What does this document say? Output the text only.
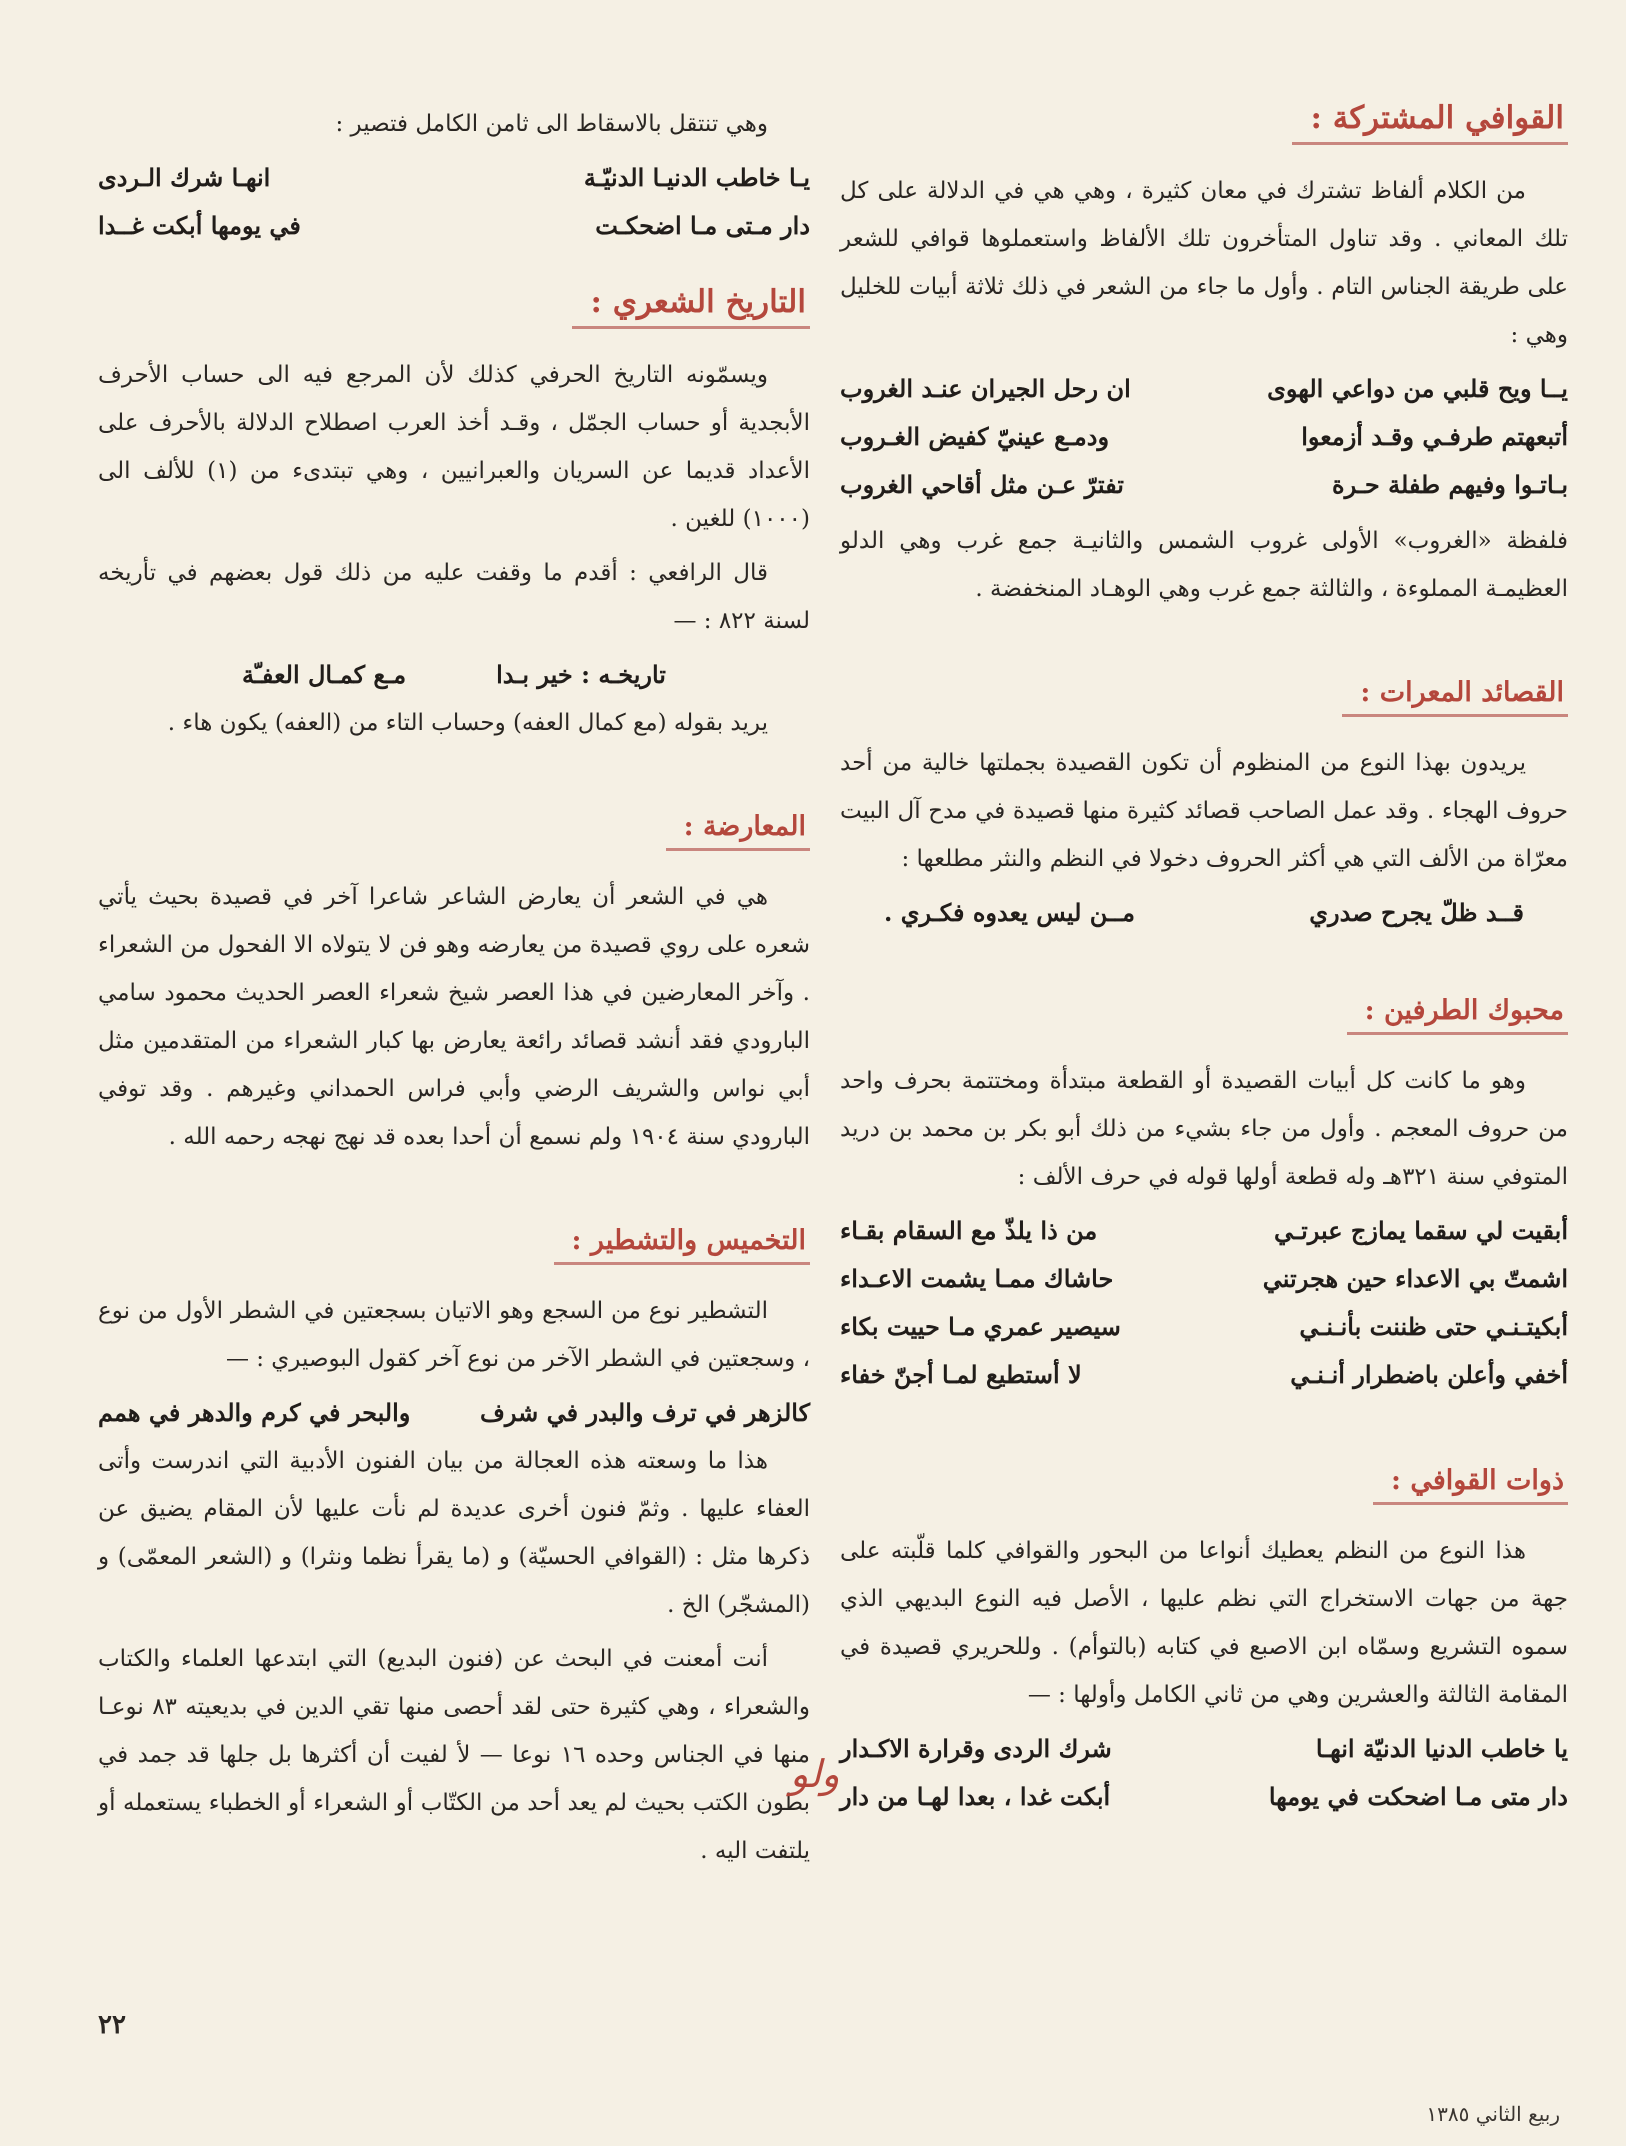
القوافي المشتركة :

من الكلام ألفاظ تشترك في معان كثيرة ، وهي هي في الدلالة على كل تلك المعاني . وقد تناول المتأخرون تلك الألفاظ واستعملوها قوافي للشعر على طريقة الجناس التام . وأول ما جاء من الشعر في ذلك ثلاثة أبيات للخليل وهي :

يــا ويح قلبي من دواعي الهوى
ان رحل الجيران عنـد الغروب
أتبعهتم طرفـي وقـد أزمعوا
ودمـع عينيّ كفيض الغـروب
بـاتـوا وفيهم طفلة حـرة
تفترّ عـن مثل أقاحي الغروب

فلفظة «الغروب» الأولى غروب الشمس والثانيـة جمع غرب وهي الدلو العظيمـة المملوءة ، والثالثة جمع غرب وهي الوهـاد المنخفضة .

القصائد المعرات :

يريدون بهذا النوع من المنظوم أن تكون القصيدة بجملتها خالية من أحد حروف الهجاء . وقد عمل الصاحب قصائد كثيرة منها قصيدة في مدح آل البيت معرّاة من الألف التي هي أكثر الحروف دخولا في النظم والنثر مطلعها :

قــد ظلّ يجرح صدري
مــن ليس يعدوه فكـري .
محبوك الطرفين :

وهو ما كانت كل أبيات القصيدة أو القطعة مبتدأة ومختتمة بحرف واحد من حروف المعجم . وأول من جاء بشيء من ذلك أبو بكر بن محمد بن دريد المتوفي سنة ٣٢١هـ وله قطعة أولها قوله في حرف الألف :

أبقيت لي سقما يمازج عبرتـي
من ذا يلذّ مع السقام بقـاء
اشمتّ بي الاعداء حين هجرتني
حاشاك ممـا يشمت الاعـداء
أبكيتـنـي حتى ظننت بأنـنـي
سيصير عمري مـا حييت بكاء
أخفي وأعلن باضطرار أنـنـي
لا أستطيع لمـا أجنّ خفاء
ذوات القوافي :

هذا النوع من النظم يعطيك أنواعا من البحور والقوافي كلما قلّبته على جهة من جهات الاستخراج التي نظم عليها ، الأصل فيه النوع البديهي الذي سموه التشريع وسمّاه ابن الاصبع في كتابه (بالتوأم) . وللحريري قصيدة في المقامة الثالثة والعشرين وهي من ثاني الكامل وأولها : —

يا خاطب الدنيا الدنيّة انهـا
شرك الردى وقرارة الاكـدار
دار متى مـا اضحكت في يومها
أبكت غدا ، بعدا لهـا من دار

وهي تنتقل بالاسقاط الى ثامن الكامل فتصير :

يـا خاطب الدنيـا الدنيّـة
انهـا شرك الـردى
دار مـتى مـا اضحكـت
في يومها أبكت غــدا
التاريخ الشعري :

ويسمّونه التاريخ الحرفي كذلك لأن المرجع فيه الى حساب الأحرف الأبجدية أو حساب الجمّل ، وقـد أخذ العرب اصطلاح الدلالة بالأحرف على الأعداد قديما عن السريان والعبرانيين ، وهي تبتدىء من (١) للألف الى (١٠٠٠) للغين .

قال الرافعي : أقدم ما وقفت عليه من ذلك قول بعضهم في تأريخه لسنة ٨٢٢ : —

تاريخـه : خير بـدا
مـع كمـال العفـّة

يريد بقوله (مع كمال العفه) وحساب التاء من (العفه) يكون هاء .

المعارضة :

هي في الشعر أن يعارض الشاعر شاعرا آخر في قصيدة بحيث يأتي شعره على روي قصيدة من يعارضه وهو فن لا يتولاه الا الفحول من الشعراء . وآخر المعارضين في هذا العصر شيخ شعراء العصر الحديث محمود سامي البارودي فقد أنشد قصائد رائعة يعارض بها كبار الشعراء من المتقدمين مثل أبي نواس والشريف الرضي وأبي فراس الحمداني وغيرهم . وقد توفي البارودي سنة ١٩٠٤ ولم نسمع أن أحدا بعده قد نهج نهجه رحمه الله .

التخميس والتشطير :

التشطير نوع من السجع وهو الاتيان بسجعتين في الشطر الأول من نوع ، وسجعتين في الشطر الآخر من نوع آخر كقول البوصيري : —

كالزهر في ترف والبدر في شرف
والبحر في كرم والدهر في همم

هذا ما وسعته هذه العجالة من بيان الفنون الأدبية التي اندرست وأتى العفاء عليها . وثمّ فنون أخرى عديدة لم نأت عليها لأن المقام يضيق عن ذكرها مثل : (القوافي الحسيّة) و (ما يقرأ نظما ونثرا) و (الشعر المعمّى) و (المشجّر) الخ .

أنت أمعنت في البحث عن (فنون البديع) التي ابتدعها العلماء والكتاب والشعراء ، وهي كثيرة حتى لقد أحصى منها تقي الدين في بديعيته ٨٣ نوعـا منها في الجناس وحده ١٦ نوعا — لأ لفيت أن أكثرها بل جلها قد جمد في بطون الكتب بحيث لم يعد أحد من الكتّاب أو الشعراء أو الخطباء يستعمله أو يلتفت اليه .

ولو
٢٢
ربيع الثاني ١٣٨٥
